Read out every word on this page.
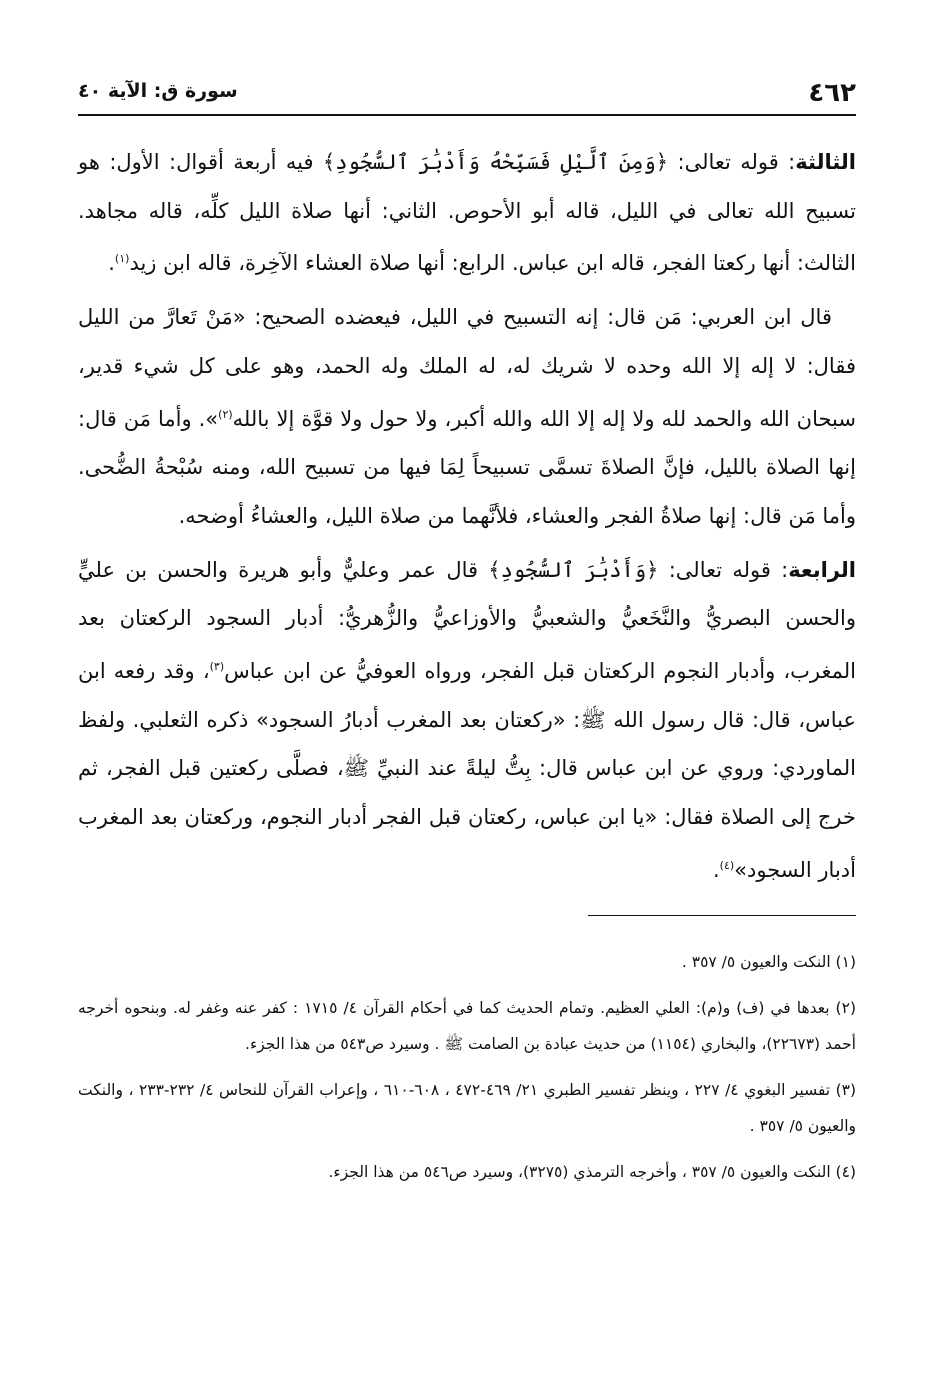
٤٦٢
سورة ق: الآية ٤٠

الثالثة: قوله تعالى: ﴿وَمِنَ ٱلَّيْلِ فَسَبِّحْهُ وَأَدْبَٰرَ ٱلسُّجُودِ﴾ فيه أربعة أقوال: الأول: هو تسبيح الله تعالى في الليل، قاله أبو الأحوص. الثاني: أنها صلاة الليل كلِّه، قاله مجاهد. الثالث: أنها ركعتا الفجر، قاله ابن عباس. الرابع: أنها صلاة العشاء الآخِرة، قاله ابن زيد$^{(١)}$.

قال ابن العربي: مَن قال: إنه التسبيح في الليل، فيعضده الصحيح: «مَنْ تَعارَّ من الليل فقال: لا إله إلا الله وحده لا شريك له، له الملك وله الحمد، وهو على كل شيء قدير، سبحان الله والحمد لله ولا إله إلا الله والله أكبر، ولا حول ولا قوَّة إلا بالله$^{(٢)}$». وأما مَن قال: إنها الصلاة بالليل، فإنَّ الصلاةَ تسمَّى تسبيحاً لِمَا فيها من تسبيح الله، ومنه سُبْحةُ الضُّحى. وأما مَن قال: إنها صلاةُ الفجر والعشاء، فلأنَّهما من صلاة الليل، والعشاءُ أوضحه.

الرابعة: قوله تعالى: ﴿وَأَدْبَٰرَ ٱلسُّجُودِ﴾ قال عمر وعليٌّ وأبو هريرة والحسن بن عليٍّ والحسن البصريُّ والنَّخَعيُّ والشعبيُّ والأوزاعيُّ والزُّهريُّ: أدبار السجود الركعتان بعد المغرب، وأدبار النجوم الركعتان قبل الفجر، ورواه العوفيُّ عن ابن عباس$^{(٣)}$، وقد رفعه ابن عباس، قال: قال رسول الله ﷺ: «ركعتان بعد المغرب أدبارُ السجود» ذكره الثعلبي. ولفظ الماوردي: وروي عن ابن عباس قال: بِتُّ ليلةً عند النبيِّ ﷺ، فصلَّى ركعتين قبل الفجر، ثم خرج إلى الصلاة فقال: «يا ابن عباس، ركعتان قبل الفجر أدبار النجوم، وركعتان بعد المغرب أدبار السجود»$^{(٤)}$.

(١) النكت والعيون ٥/ ٣٥٧ .

(٢) بعدها في (ف) و(م): العلي العظيم. وتمام الحديث كما في أحكام القرآن ٤/ ١٧١٥ : كفر عنه وغفر له. وبنحوه أخرجه أحمد (٢٢٦٧٣)، والبخاري (١١٥٤) من حديث عبادة بن الصامت ﷺ . وسيرد ص٥٤٣ من هذا الجزء.

(٣) تفسير البغوي ٤/ ٢٢٧ ، وينظر تفسير الطبري ٢١/ ٤٦٩-٤٧٢ ، ٦٠٨-٦١٠ ، وإعراب القرآن للنحاس ٤/ ٢٣٢-٢٣٣ ، والنكت والعيون ٥/ ٣٥٧ .

(٤) النكت والعيون ٥/ ٣٥٧ ، وأخرجه الترمذي (٣٢٧٥)، وسيرد ص٥٤٦ من هذا الجزء.
